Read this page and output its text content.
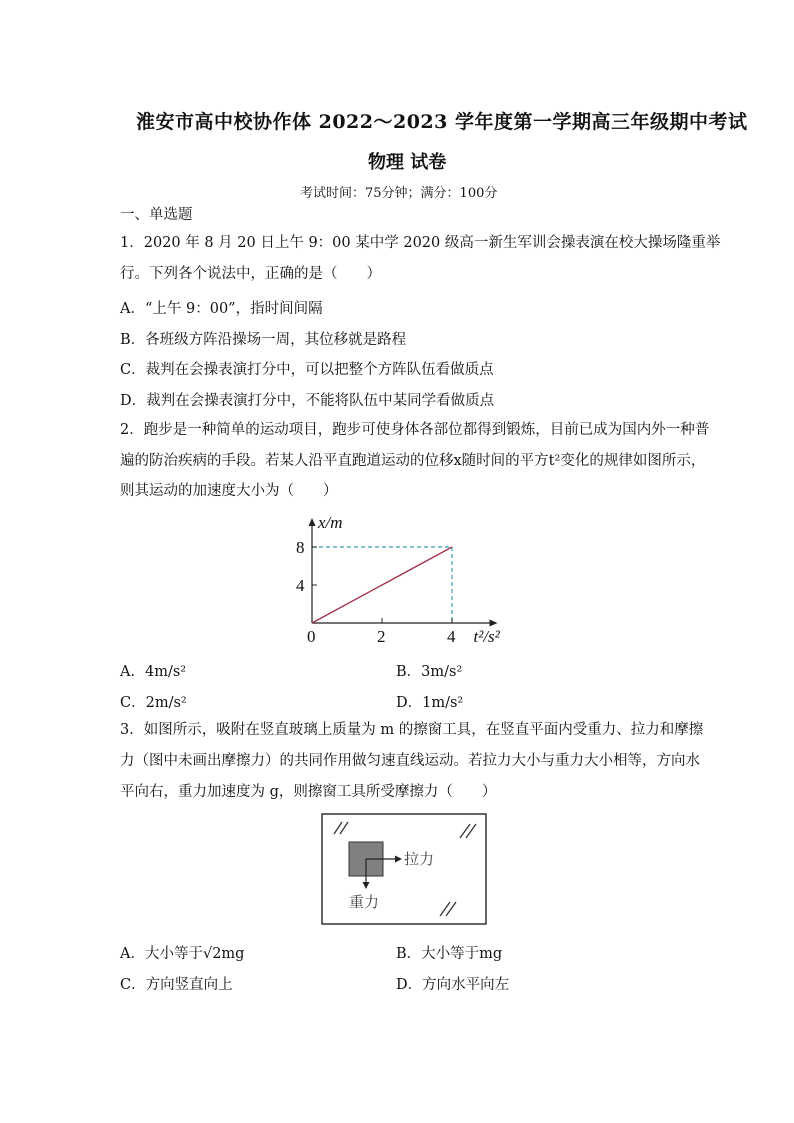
淮安市高中校协作体 2022～2023 学年度第一学期高三年级期中考试
物理 试卷
考试时间：75分钟；满分：100分
一、单选题
1．2020 年 8 月 20 日上午 9：00 某中学 2020 级高一新生军训会操表演在校大操场隆重举
行。下列各个说法中，正确的是（　　）
A．“上午 9：00”，指时间间隔
B．各班级方阵沿操场一周，其位移就是路程
C．裁判在会操表演打分中，可以把整个方阵队伍看做质点
D．裁判在会操表演打分中，不能将队伍中某同学看做质点
2．跑步是一种简单的运动项目，跑步可使身体各部位都得到锻炼，目前已成为国内外一种普
遍的防治疾病的手段。若某人沿平直跑道运动的位移x随时间的平方t²变化的规律如图所示，
则其运动的加速度大小为（　　）
4
8
0	2	4
x/m
t²/s²
A．4m/s²	B．3m/s²
C．2m/s²	D．1m/s²
3．如图所示，吸附在竖直玻璃上质量为 m 的擦窗工具，在竖直平面内受重力、拉力和摩擦
力（图中未画出摩擦力）的共同作用做匀速直线运动。若拉力大小与重力大小相等，方向水
平向右，重力加速度为 g，则擦窗工具所受摩擦力（　　）
拉力
重力
A．大小等于√2mg	B．大小等于mg
C．方向竖直向上	D．方向水平向左
